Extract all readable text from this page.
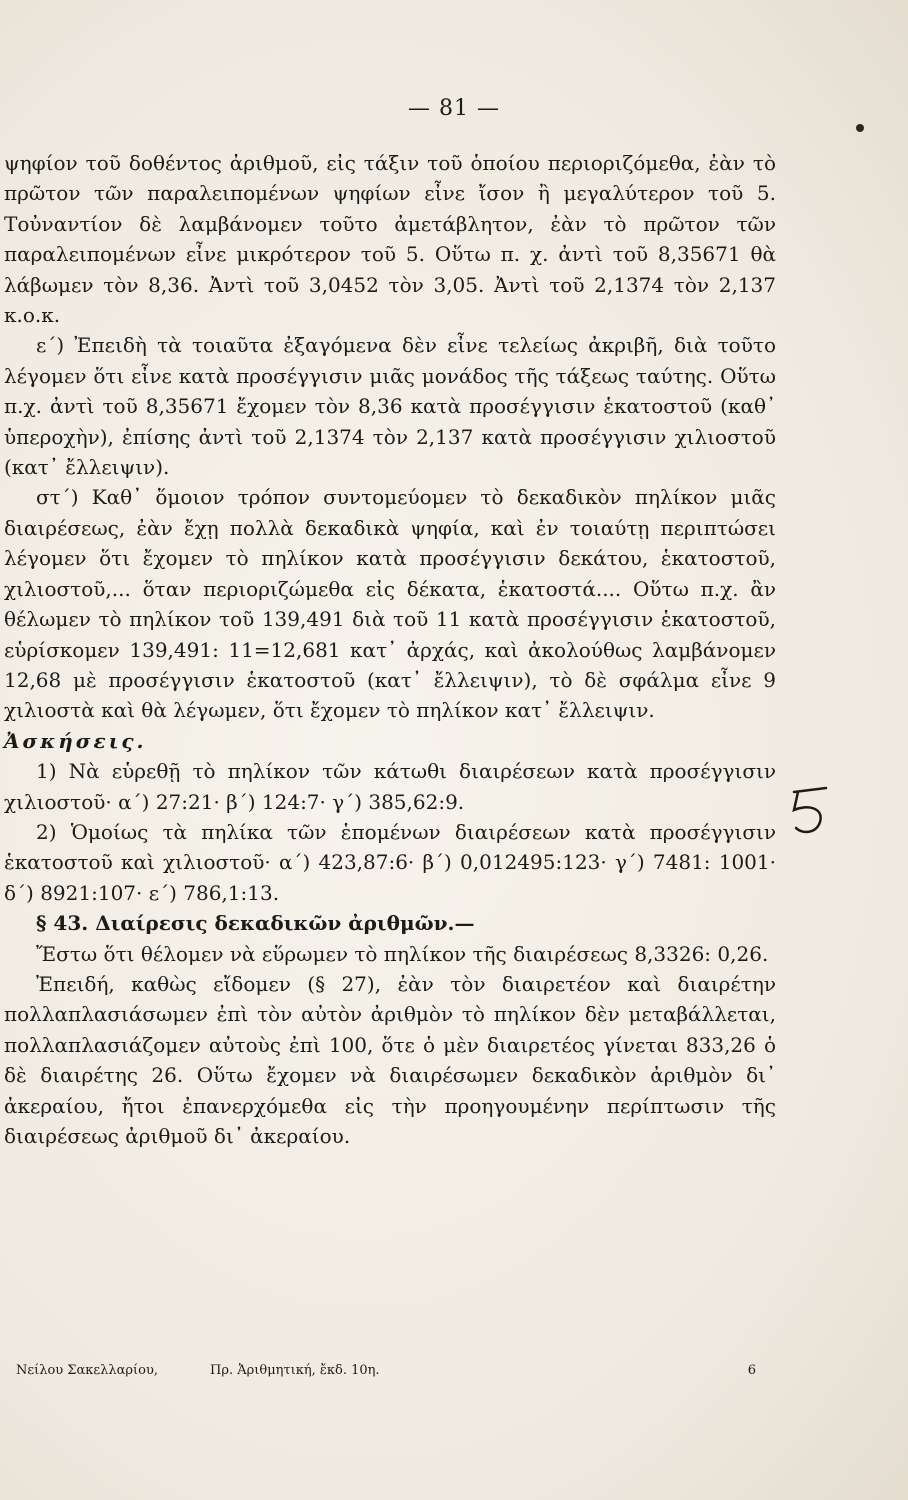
— 81 —

ψηφίον τοῦ δοθέντος ἀριθμοῦ, εἰς τάξιν τοῦ ὁποίου περιοριζόμεθα, ἐὰν τὸ πρῶτον τῶν παραλειπομένων ψηφίων εἶνε ἴσον ἢ μεγαλύτερον τοῦ 5. Τοὐναντίον δὲ λαμβάνομεν τοῦτο ἀμετάβλητον, ἐὰν τὸ πρῶτον τῶν παραλειπομένων εἶνε μικρότερον τοῦ 5. Οὕτω π. χ. ἀντὶ τοῦ 8,35671 θὰ λάβωμεν τὸν 8,36. Ἀντὶ τοῦ 3,0452 τὸν 3,05. Ἀντὶ τοῦ 2,1374 τὸν 2,137 κ.ο.κ.

ε΄) Ἐπειδὴ τὰ τοιαῦτα ἐξαγόμενα δὲν εἶνε τελείως ἀκριβῆ, διὰ τοῦτο λέγομεν ὅτι εἶνε κατὰ προσέγγισιν μιᾶς μονάδος τῆς τάξεως ταύτης. Οὕτω π.χ. ἀντὶ τοῦ 8,35671 ἔχομεν τὸν 8,36 κατὰ προσέγγισιν ἑκατοστοῦ (καθ᾽ ὑπεροχὴν), ἐπίσης ἀντὶ τοῦ 2,1374 τὸν 2,137 κατὰ προσέγγισιν χιλιοστοῦ (κατ᾽ ἔλλειψιν).

στ΄) Καθ᾽ ὅμοιον τρόπον συντομεύομεν τὸ δεκαδικὸν πηλίκον μιᾶς διαιρέσεως, ἐὰν ἔχῃ πολλὰ δεκαδικὰ ψηφία, καὶ ἐν τοιαύτῃ περιπτώσει λέγομεν ὅτι ἔχομεν τὸ πηλίκον κατὰ προσέγγισιν δεκάτου, ἑκατοστοῦ, χιλιοστοῦ,... ὅταν περιοριζώμεθα εἰς δέκατα, ἑκατοστά.... Οὕτω π.χ. ἂν θέλωμεν τὸ πηλίκον τοῦ 139,491 διὰ τοῦ 11 κατὰ προσέγγισιν ἑκατοστοῦ, εὑρίσκομεν 139,491: 11=12,681 κατ᾽ ἀρχάς, καὶ ἀκολούθως λαμβάνομεν 12,68 μὲ προσέγγισιν ἑκατοστοῦ (κατ᾽ ἔλλειψιν), τὸ δὲ σφάλμα εἶνε 9 χιλιοστὰ καὶ θὰ λέγωμεν, ὅτι ἔχομεν τὸ πηλίκον κατ᾽ ἔλλειψιν.

Ἀσκήσεις.

1) Νὰ εὑρεθῇ τὸ πηλίκον τῶν κάτωθι διαιρέσεων κατὰ προσέγγισιν χιλιοστοῦ· α΄) 27:21· β΄) 124:7· γ΄) 385,62:9.

2) Ὁμοίως τὰ πηλίκα τῶν ἑπομένων διαιρέσεων κατὰ προσέγγισιν ἑκατοστοῦ καὶ χιλιοστοῦ· α΄) 423,87:6· β΄) 0,012495:123· γ΄) 7481: 1001· δ΄) 8921:107· ε΄) 786,1:13.

§ 43. Διαίρεσις δεκαδικῶν ἀριθμῶν.—

Ἔστω ὅτι θέλομεν νὰ εὕρωμεν τὸ πηλίκον τῆς διαιρέσεως 8,3326: 0,26.

Ἐπειδή, καθὼς εἴδομεν (§ 27), ἐὰν τὸν διαιρετέον καὶ διαιρέτην πολλαπλασιάσωμεν ἐπὶ τὸν αὐτὸν ἀριθμὸν τὸ πηλίκον δὲν μεταβάλλεται, πολλαπλασιάζομεν αὐτοὺς ἐπὶ 100, ὅτε ὁ μὲν διαιρετέος γίνεται 833,26 ὁ δὲ διαιρέτης 26. Οὕτω ἔχομεν νὰ διαιρέσωμεν δεκαδικὸν ἀριθμὸν δι᾽ ἀκεραίου, ἤτοι ἐπανερχόμεθα εἰς τὴν προηγουμένην περίπτωσιν τῆς διαιρέσεως ἀριθμοῦ δι᾽ ἀκεραίου.

Νείλου Σακελλαρίου,	Πρ. Ἀριθμητική, ἔκδ. 10η.	6
